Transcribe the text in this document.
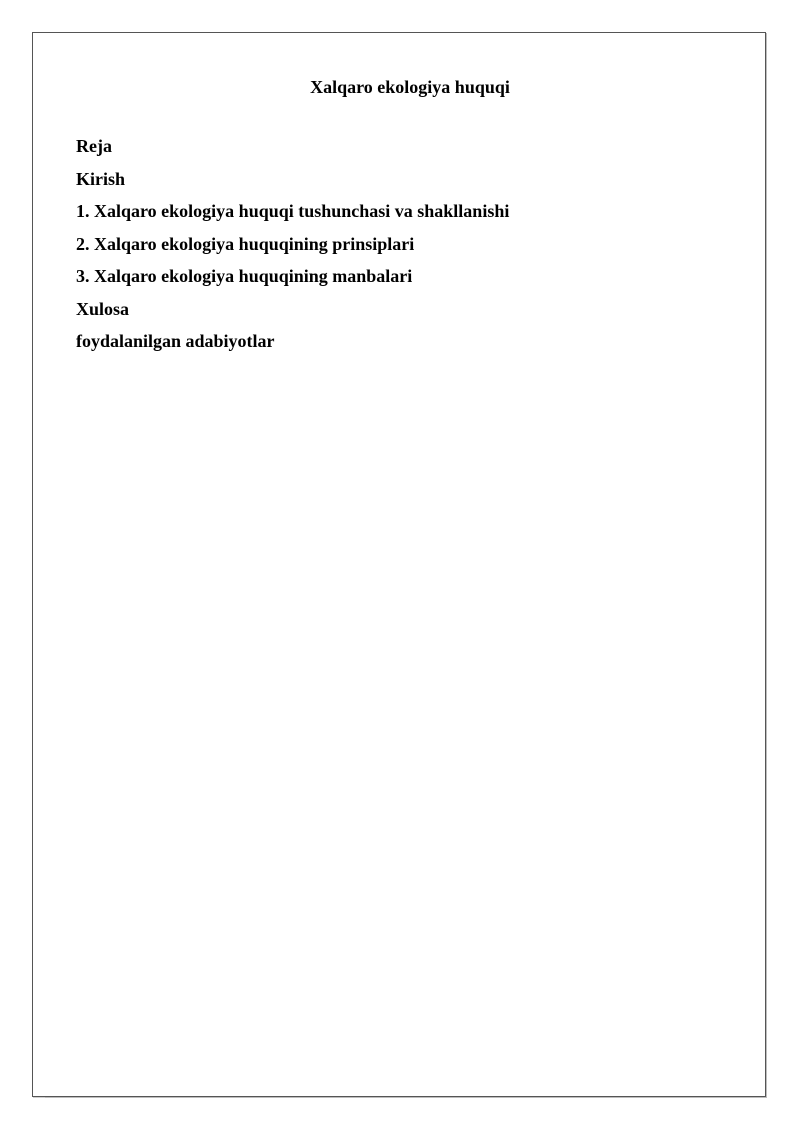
Xalqaro ekologiya huquqi
Reja
Kirish
1. Xalqaro ekologiya huquqi tushunchasi va shakllanishi
2. Xalqaro ekologiya huquqining prinsiplari
3. Xalqaro ekologiya huquqining manbalari
Xulosa
foydalanilgan adabiyotlar
